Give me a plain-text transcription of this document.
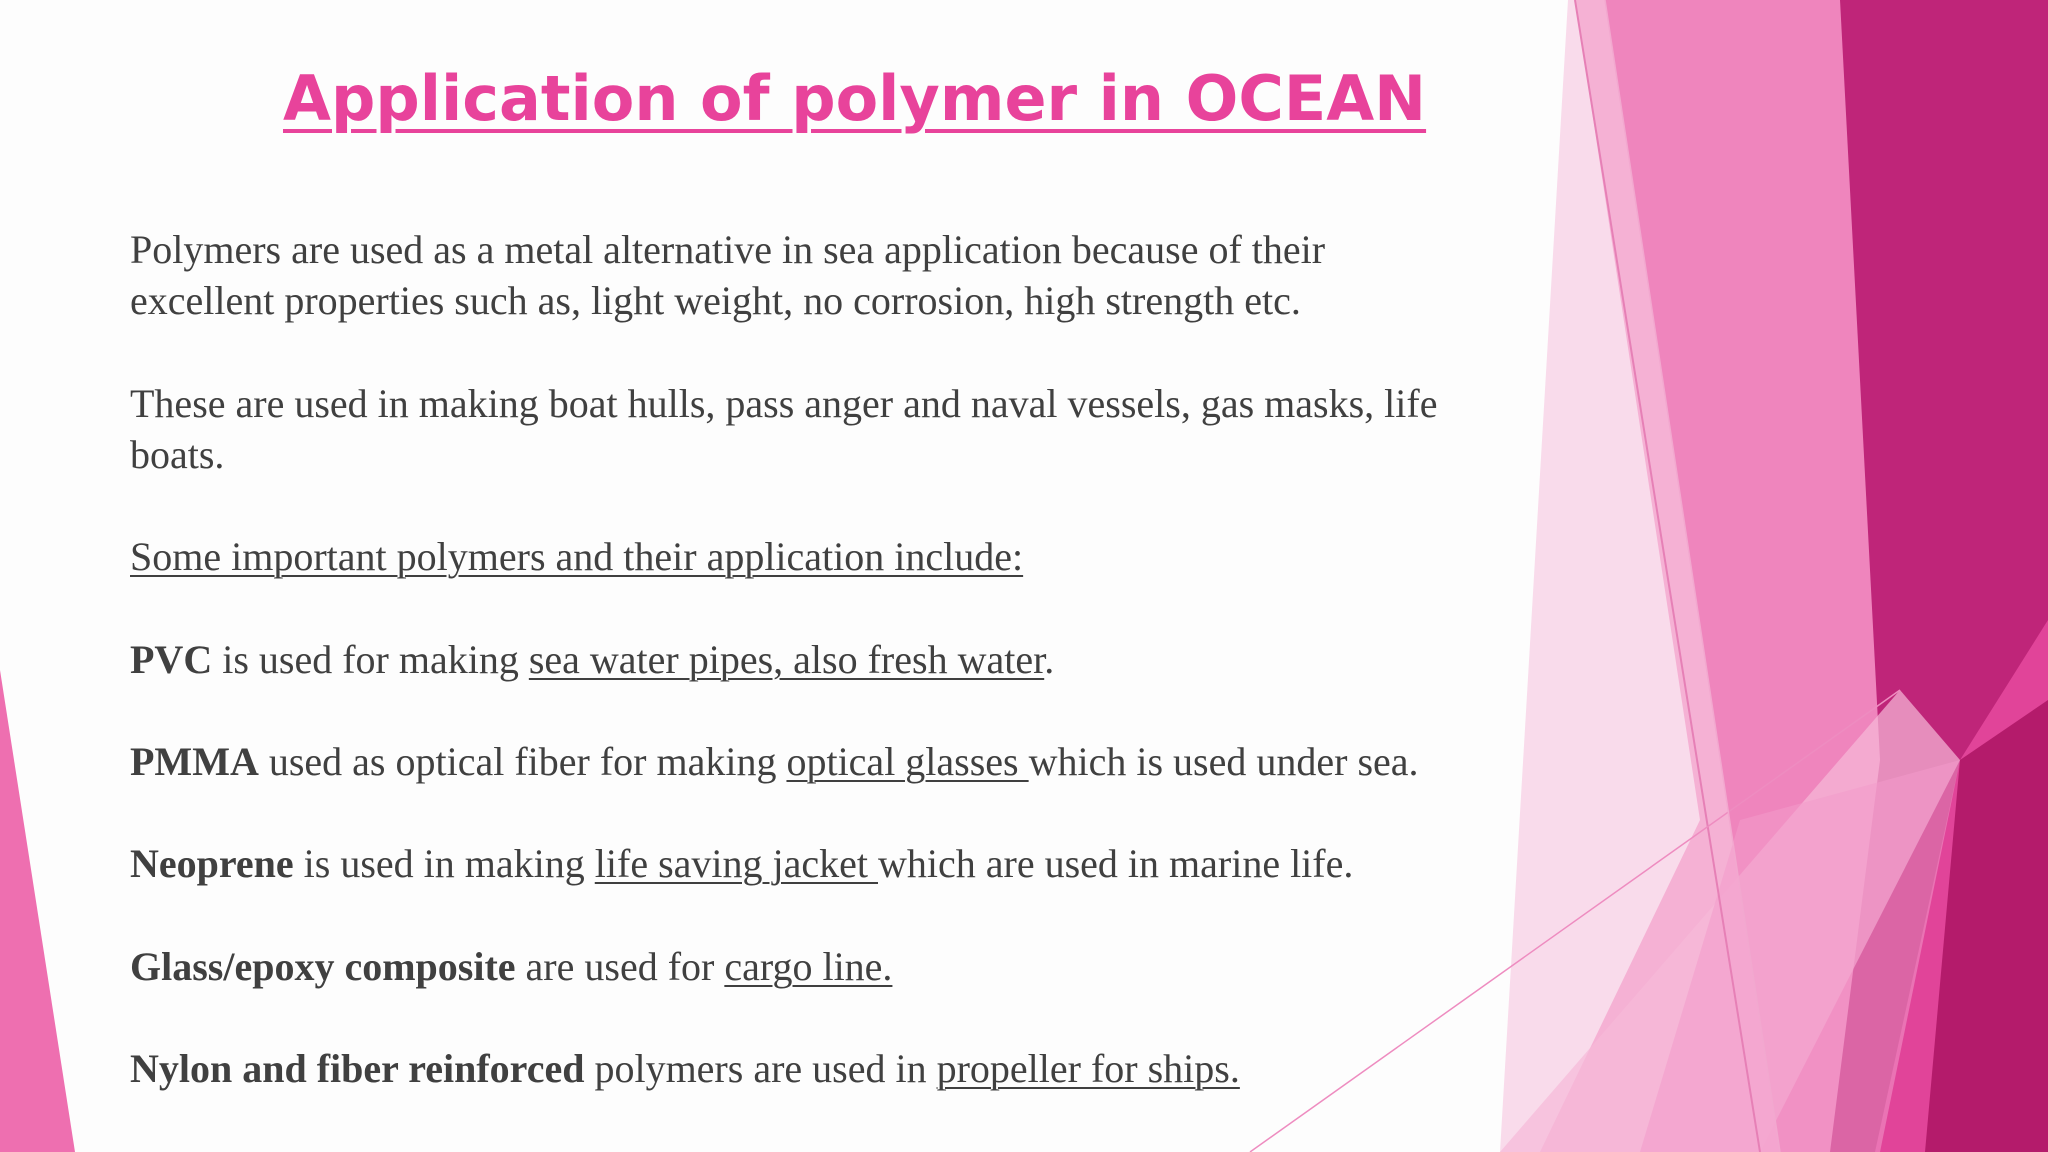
Application of polymer in OCEAN

Polymers are used as a metal alternative in sea application because of their
excellent properties such as, light weight, no corrosion, high strength etc.

These are used in making boat hulls, pass anger and naval vessels, gas masks, life
boats.

Some important polymers and their application include:

PVC is used for making sea water pipes, also fresh water.

PMMA used as optical fiber for making optical glasses which is used under sea.

Neoprene is used in making life saving jacket which are used in marine life.

Glass/epoxy composite are used for cargo line.

Nylon and fiber reinforced polymers are used in propeller for ships.
